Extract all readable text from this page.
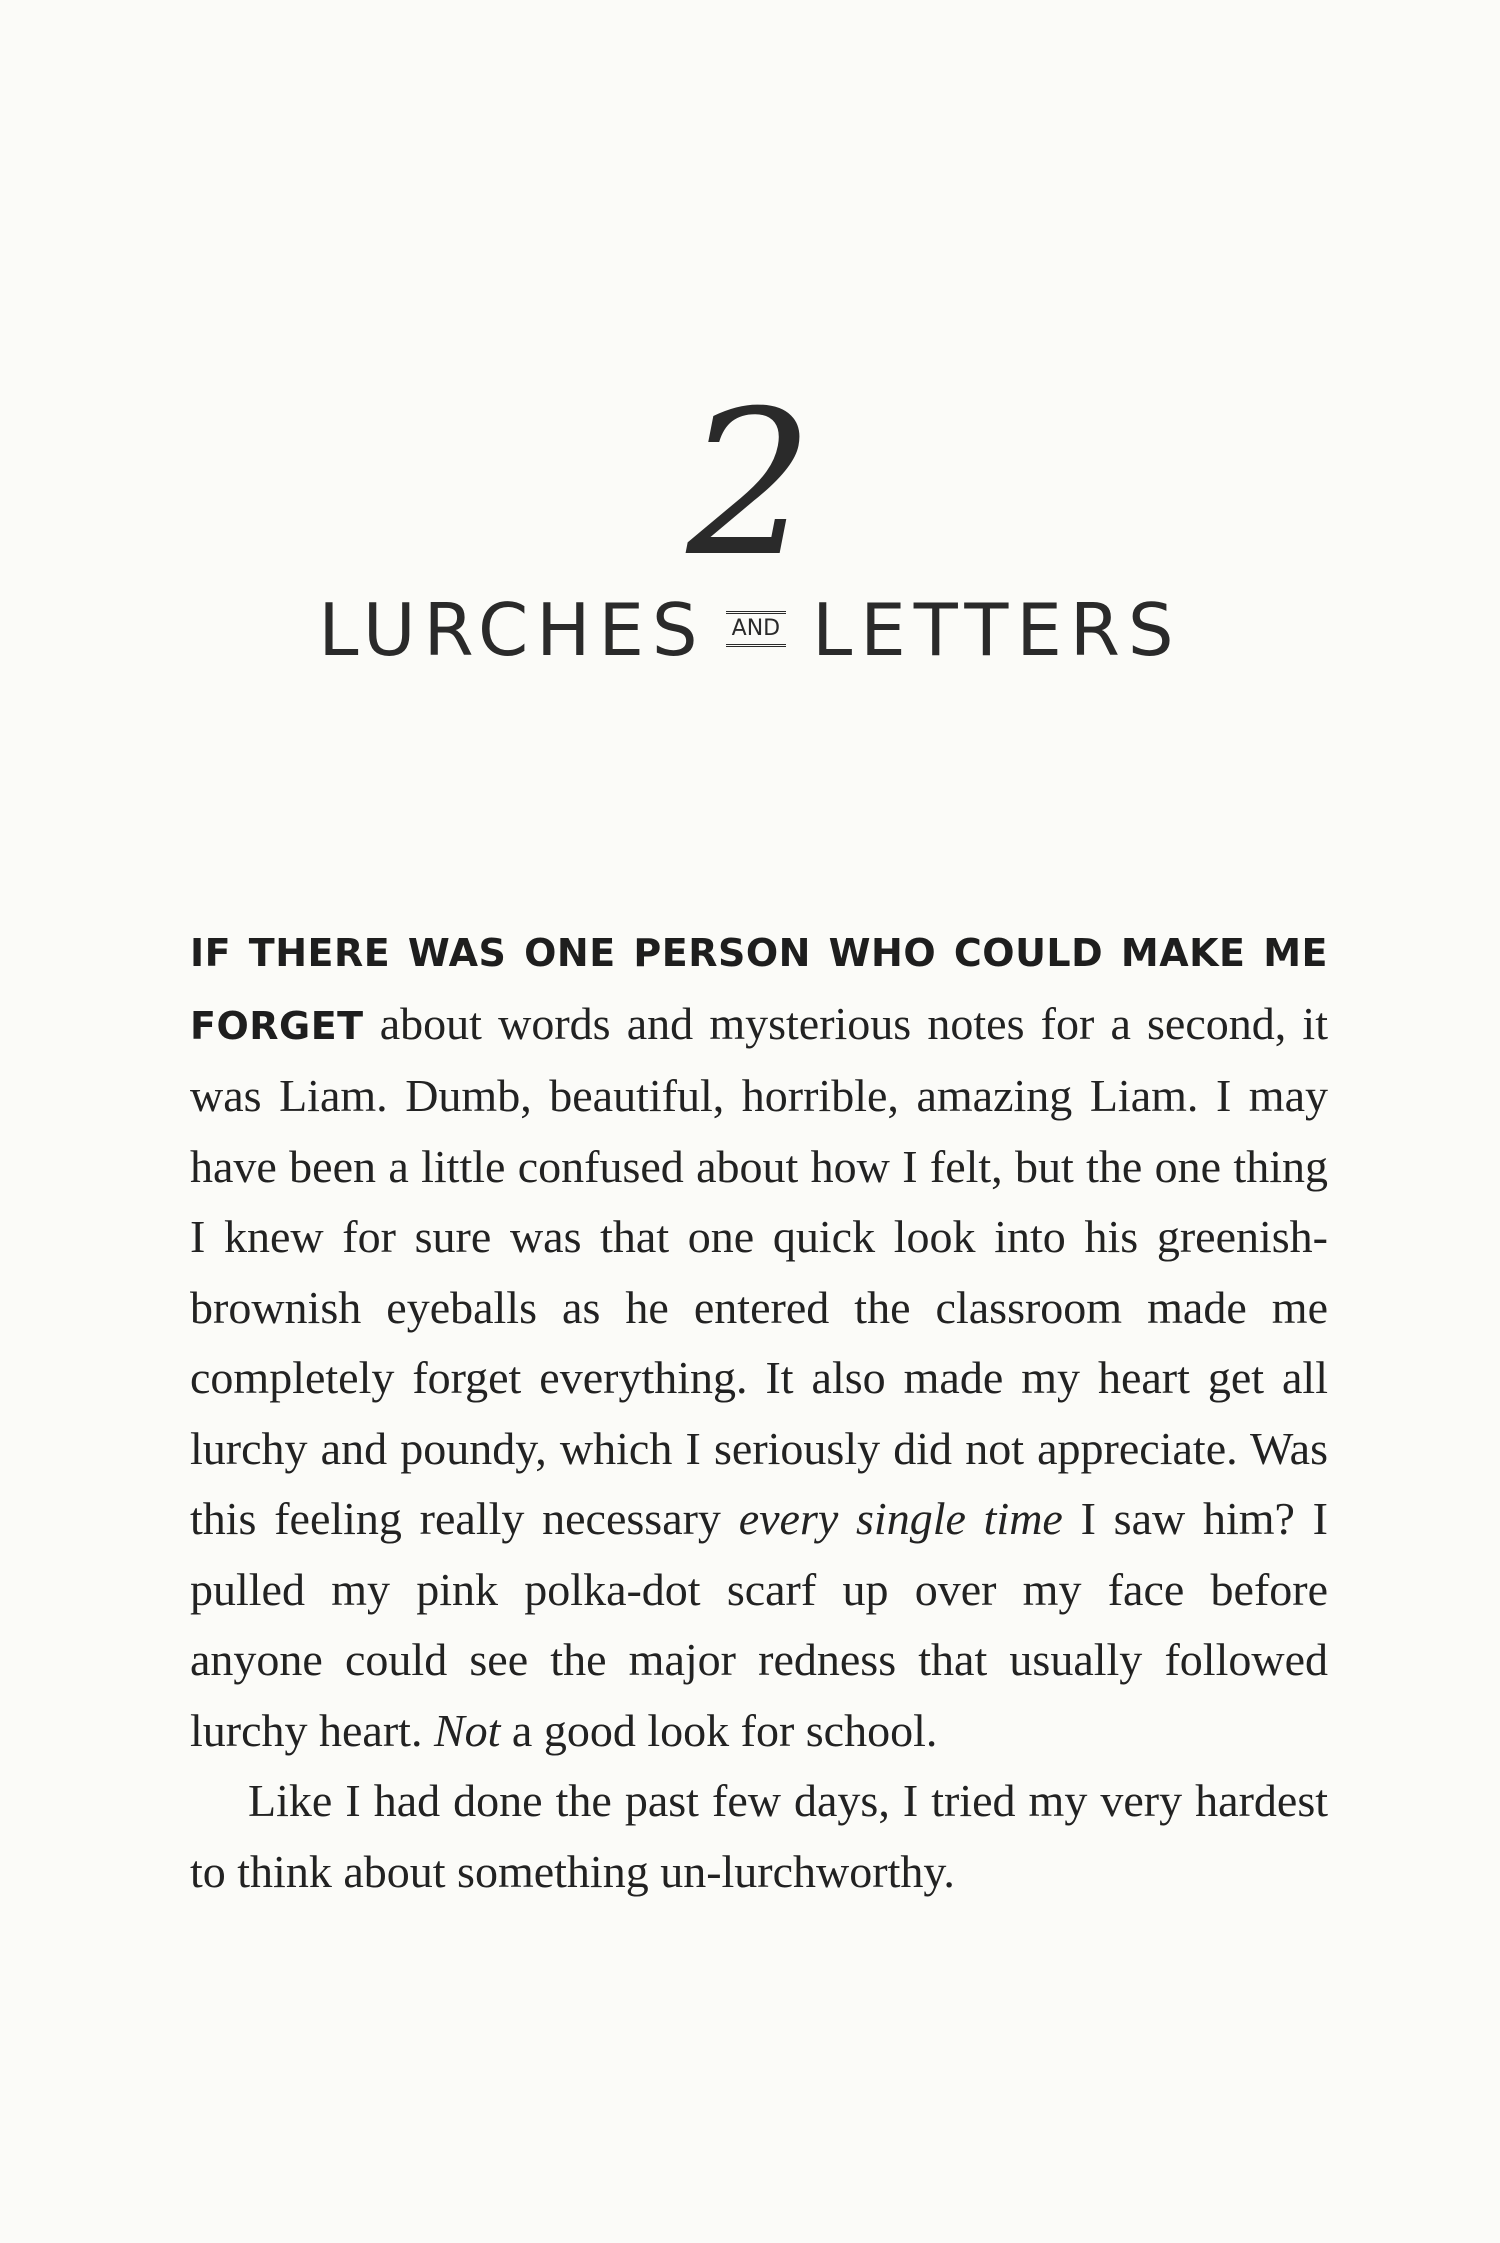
2
LURCHES AND LETTERS

IF THERE WAS ONE PERSON WHO COULD MAKE ME FORGET about words and mysterious notes for a second, it was Liam. Dumb, beautiful, horrible, amazing Liam. I may have been a little confused about how I felt, but the one thing I knew for sure was that one quick look into his greenish-brownish eyeballs as he entered the classroom made me completely forget everything. It also made my heart get all lurchy and poundy, which I seriously did not appreciate. Was this feeling really necessary every single time I saw him? I pulled my pink polka-dot scarf up over my face before anyone could see the major redness that usually followed lurchy heart. Not a good look for school.

Like I had done the past few days, I tried my very hardest to think about something un-lurchworthy.
